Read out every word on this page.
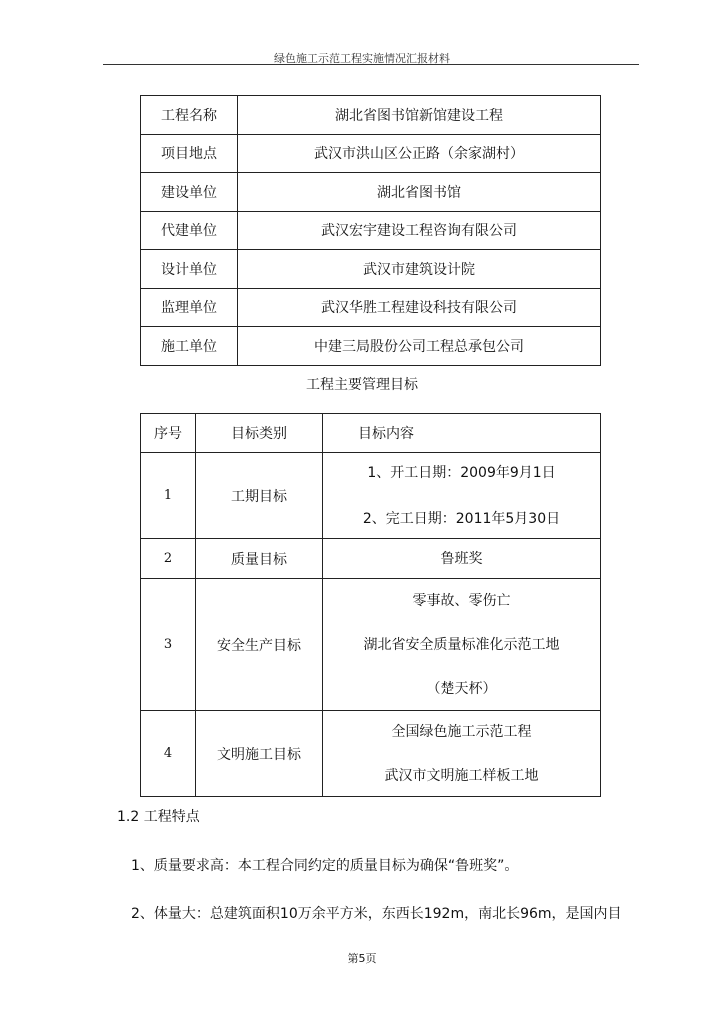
绿色施工示范工程实施情况汇报材料
工程名称	湖北省图书馆新馆建设工程
项目地点	武汉市洪山区公正路（余家湖村）
建设单位	湖北省图书馆
代建单位	武汉宏宇建设工程咨询有限公司
设计单位	武汉市建筑设计院
监理单位	武汉华胜工程建设科技有限公司
施工单位	中建三局股份公司工程总承包公司
工程主要管理目标
序号	目标类别	目标内容
1	工期目标	1、开工日期：2009年9月1日
2、完工日期：2011年5月30日

2	质量目标	鲁班奖

3	安全生产目标	零事故、零伤亡
湖北省安全质量标准化示范工地
（楚天杯）

4	文明施工目标	全国绿色施工示范工程
武汉市文明施工样板工地
1.2 工程特点
1、质量要求高：本工程合同约定的质量目标为确保“鲁班奖”。
2、体量大：总建筑面积10万余平方米，东西长192m，南北长96m，是国内目
第5页
